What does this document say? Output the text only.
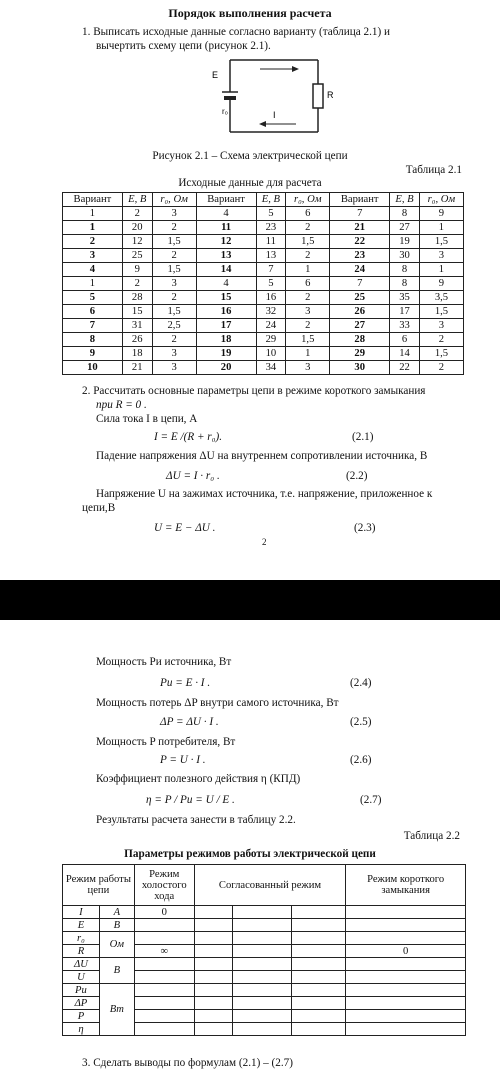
Порядок выполнения расчета
1. Выписать исходные данные согласно варианту (таблица 2.1) и
вычертить схему цепи (рисунок 2.1).
E
r₀
R
I
Рисунок 2.1 – Схема электрической цепи
Таблица 2.1
Исходные данные для расчета
Вариант	E, В	r₀, Ом	Вариант	E, В	r₀, Ом	Вариант	E, В	r₀, Ом
1	2	3	4	5	6	7	8	9
1	20	2	11	23	2	21	27	1
2	12	1,5	12	11	1,5	22	19	1,5
3	25	2	13	13	2	23	30	3
4	9	1,5	14	7	1	24	8	1
1	2	3	4	5	6	7	8	9
5	28	2	15	16	2	25	35	3,5
6	15	1,5	16	32	3	26	17	1,5
7	31	2,5	17	24	2	27	33	3
8	26	2	18	29	1,5	28	6	2
9	18	3	19	10	1	29	14	1,5
10	21	3	20	34	3	30	22	2
2. Рассчитать основные параметры цепи в режиме короткого замыкания
при R = 0 .
Сила тока I в цепи, А
I = E /(R + r₀).	(2.1)
Падение напряжения ΔU на внутреннем сопротивлении источника, В
ΔU = I · r₀ .	(2.2)
Напряжение U на зажимах источника, т.е. напряжение, приложенное к
цепи,В
U = E − ΔU .	(2.3)
2
Мощность Pи источника, Вт
Pи = E · I .	(2.4)
Мощность потерь ΔP внутри самого источника, Вт
ΔP = ΔU · I .	(2.5)
Мощность P потребителя, Вт
P = U · I .	(2.6)
Коэффициент полезного действия η (КПД)
η = P / Pи = U / E .	(2.7)
Результаты расчета занести в таблицу 2.2.
Таблица 2.2
Параметры режимов работы электрической цепи
Режим работы цепи		Режим холостого хода	Согласованный режим			Режим короткого замыкания
I	А	0				
E	В					
r₀	Ом					
R		∞				0
ΔU	В					
U						
Pи	Вт					
ΔP						
P						
η						
3. Сделать выводы по формулам (2.1) – (2.7)
